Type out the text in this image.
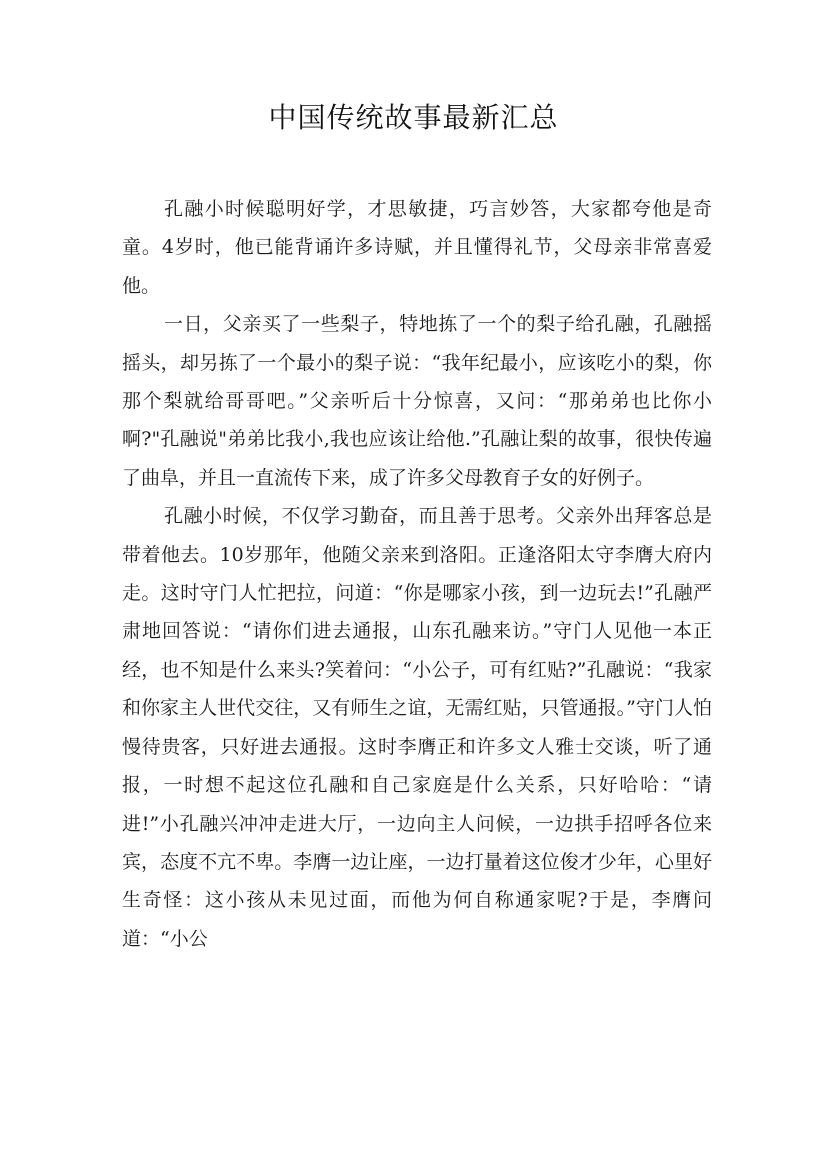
中国传统故事最新汇总

孔融小时候聪明好学，才思敏捷，巧言妙答，大家都夸他是奇童。4岁时，他已能背诵许多诗赋，并且懂得礼节，父母亲非常喜爱他。

一日，父亲买了一些梨子，特地拣了一个的梨子给孔融，孔融摇摇头，却另拣了一个最小的梨子说：“我年纪最小，应该吃小的梨，你那个梨就给哥哥吧。”父亲听后十分惊喜，又问：“那弟弟也比你小啊?"孔融说"弟弟比我小,我也应该让给他.”孔融让梨的故事，很快传遍了曲阜，并且一直流传下来，成了许多父母教育子女的好例子。

孔融小时候，不仅学习勤奋，而且善于思考。父亲外出拜客总是带着他去。10岁那年，他随父亲来到洛阳。正逢洛阳太守李膺大府内走。这时守门人忙把拉，问道：“你是哪家小孩，到一边玩去!”孔融严肃地回答说：“请你们进去通报，山东孔融来访。”守门人见他一本正经，也不知是什么来头?笑着问：“小公子，可有红贴?”孔融说：“我家和你家主人世代交往，又有师生之谊，无需红贴，只管通报。”守门人怕慢待贵客，只好进去通报。这时李膺正和许多文人雅士交谈，听了通报，一时想不起这位孔融和自己家庭是什么关系，只好哈哈：“请进!”小孔融兴冲冲走进大厅，一边向主人问候，一边拱手招呼各位来宾，态度不亢不卑。李膺一边让座，一边打量着这位俊才少年，心里好生奇怪：这小孩从未见过面，而他为何自称通家呢?于是，李膺问道：“小公
